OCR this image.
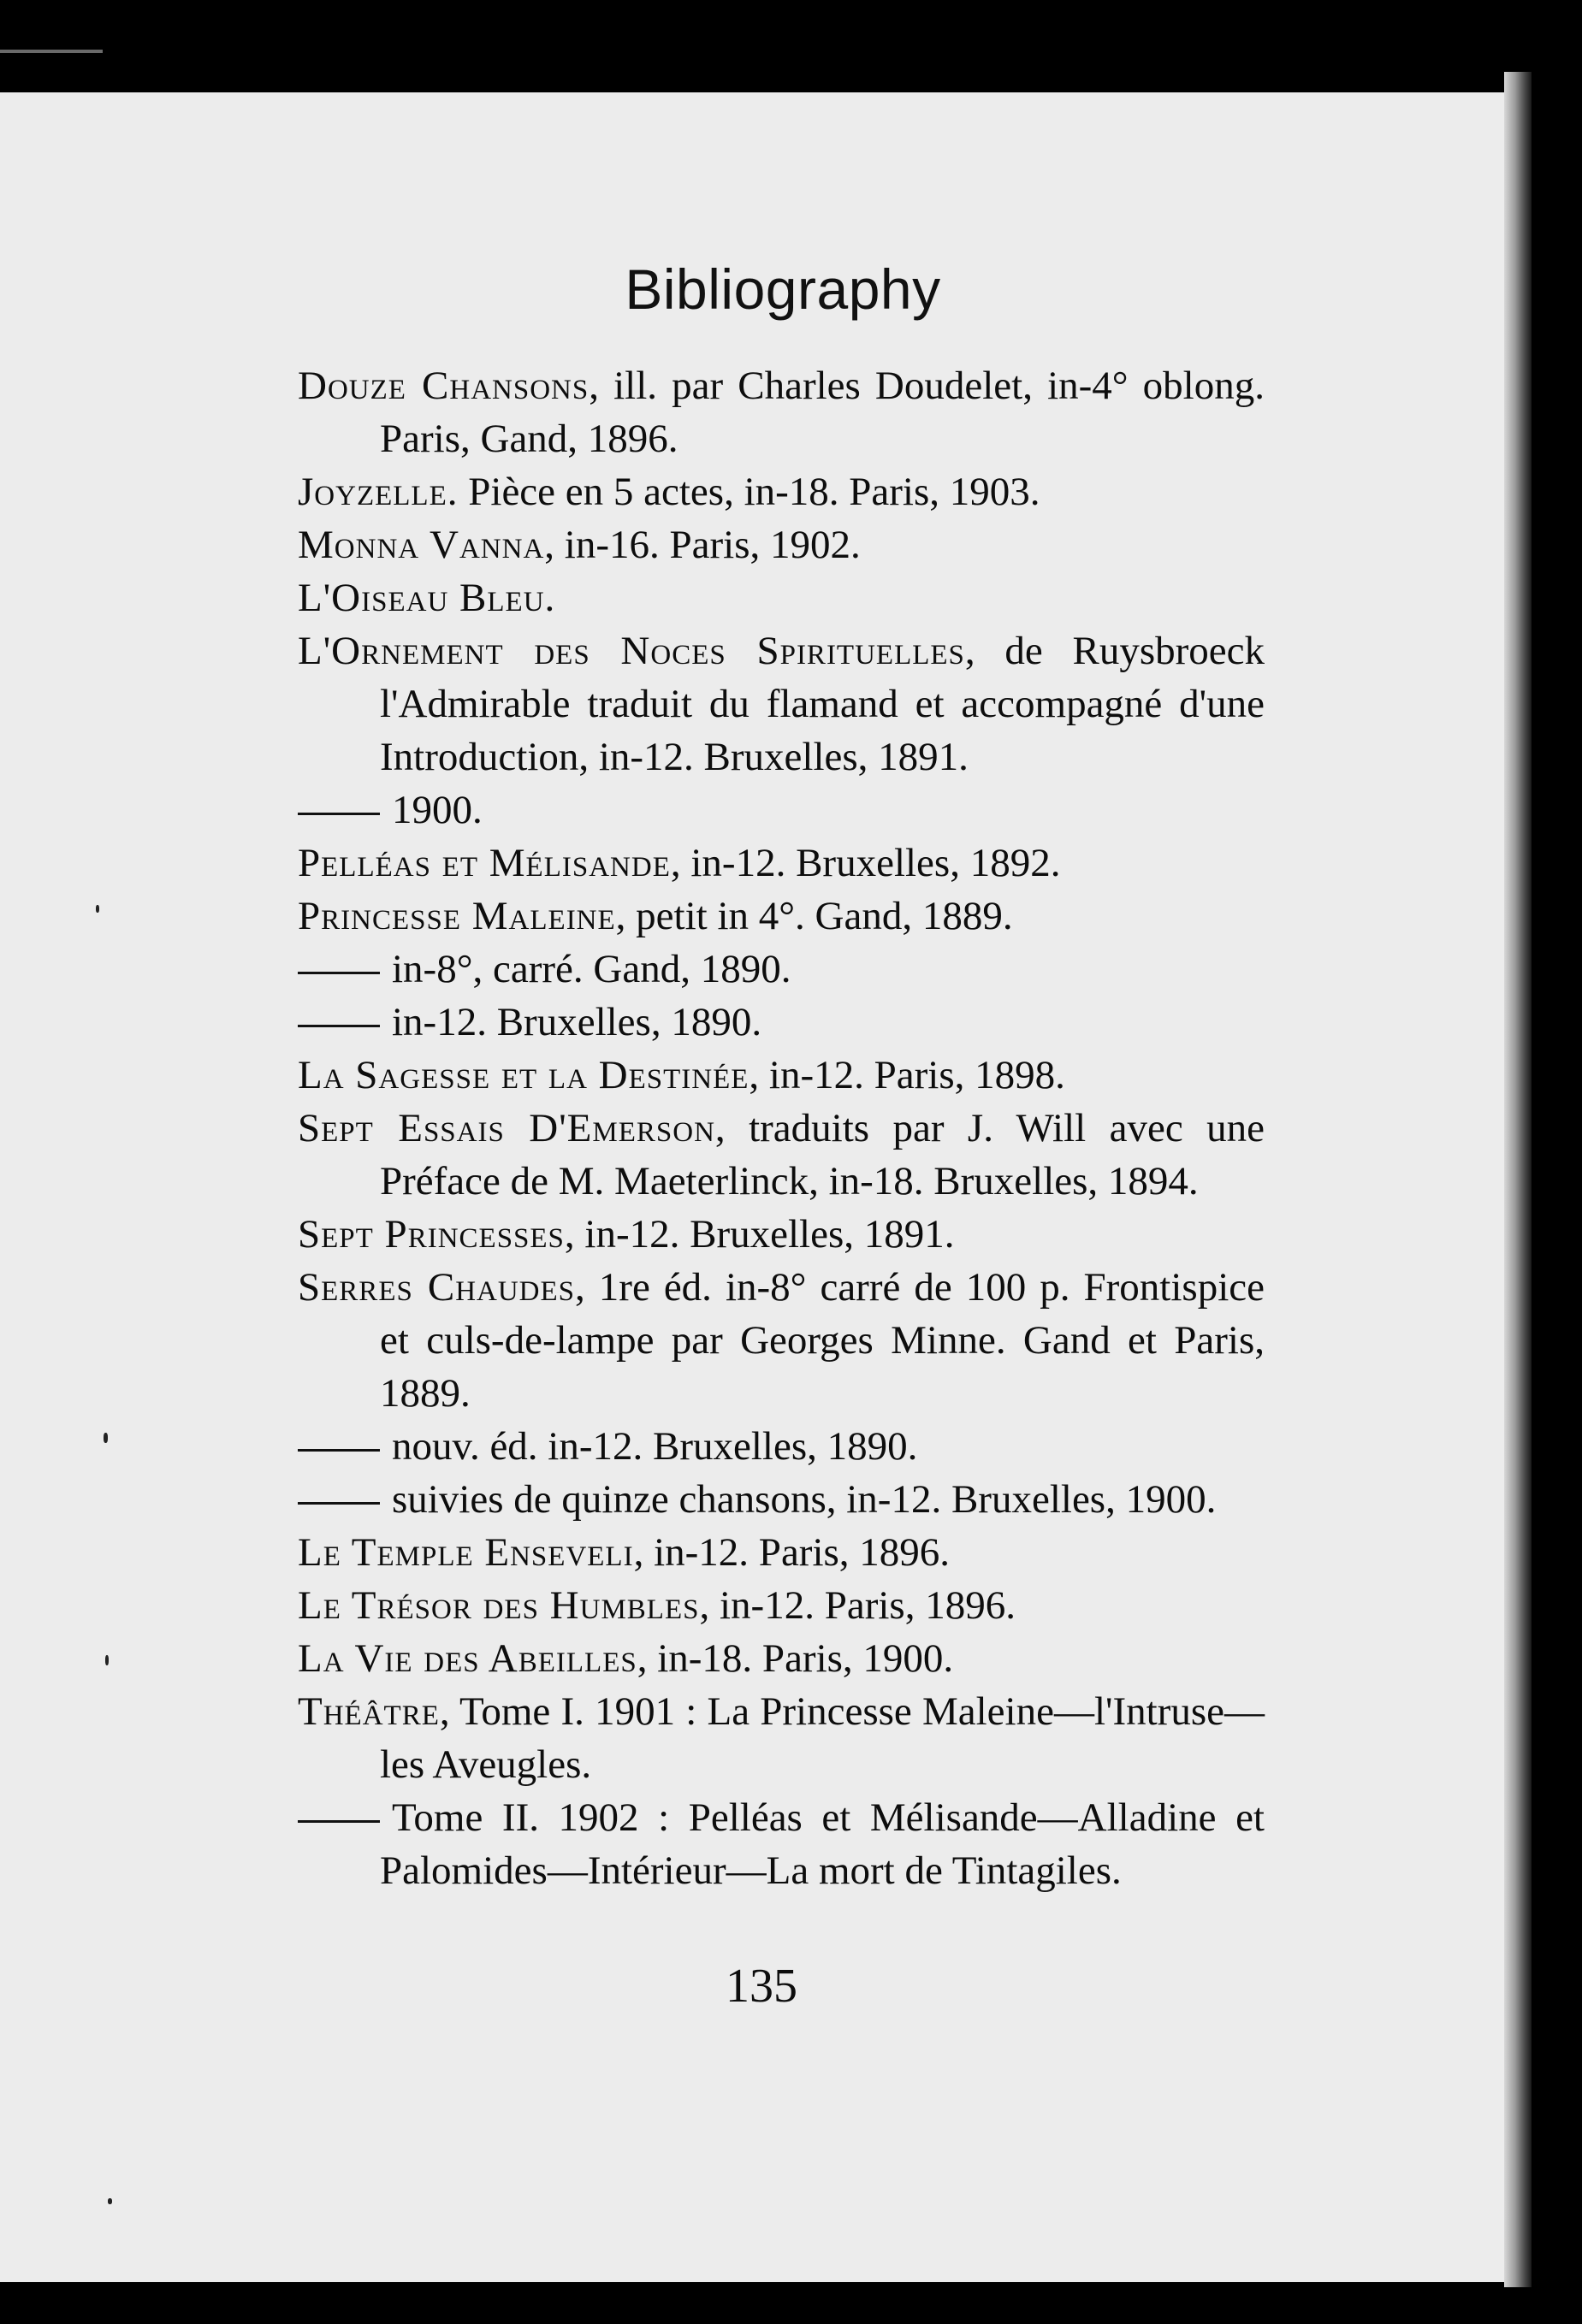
Bibliography
Douze Chansons, ill. par Charles Doudelet, in-4° oblong. Paris, Gand, 1896.
Joyzelle. Pièce en 5 actes, in-18. Paris, 1903.
Monna Vanna, in-16. Paris, 1902.
L'Oiseau Bleu.
L'Ornement des Noces Spirituelles, de Ruysbroeck l'Admirable traduit du flamand et accompagné d'une Introduction, in-12. Bruxelles, 1891.
1900.
Pelléas et Mélisande, in-12. Bruxelles, 1892.
Princesse Maleine, petit in 4°. Gand, 1889.
in-8°, carré. Gand, 1890.
in-12. Bruxelles, 1890.
La Sagesse et la Destinée, in-12. Paris, 1898.
Sept Essais D'Emerson, traduits par J. Will avec une Préface de M. Maeterlinck, in-18. Bruxelles, 1894.
Sept Princesses, in-12. Bruxelles, 1891.
Serres Chaudes, 1re éd. in-8° carré de 100 p. Frontispice et culs-de-lampe par Georges Minne. Gand et Paris, 1889.
nouv. éd. in-12. Bruxelles, 1890.
suivies de quinze chansons, in-12. Bruxelles, 1900.
Le Temple Enseveli, in-12. Paris, 1896.
Le Trésor des Humbles, in-12. Paris, 1896.
La Vie des Abeilles, in-18. Paris, 1900.
Théâtre, Tome I. 1901 : La Princesse Maleine—l'Intruse—les Aveugles.
Tome II. 1902 : Pelléas et Mélisande—Alladine et Palomides—Intérieur—La mort de Tintagiles.
135
